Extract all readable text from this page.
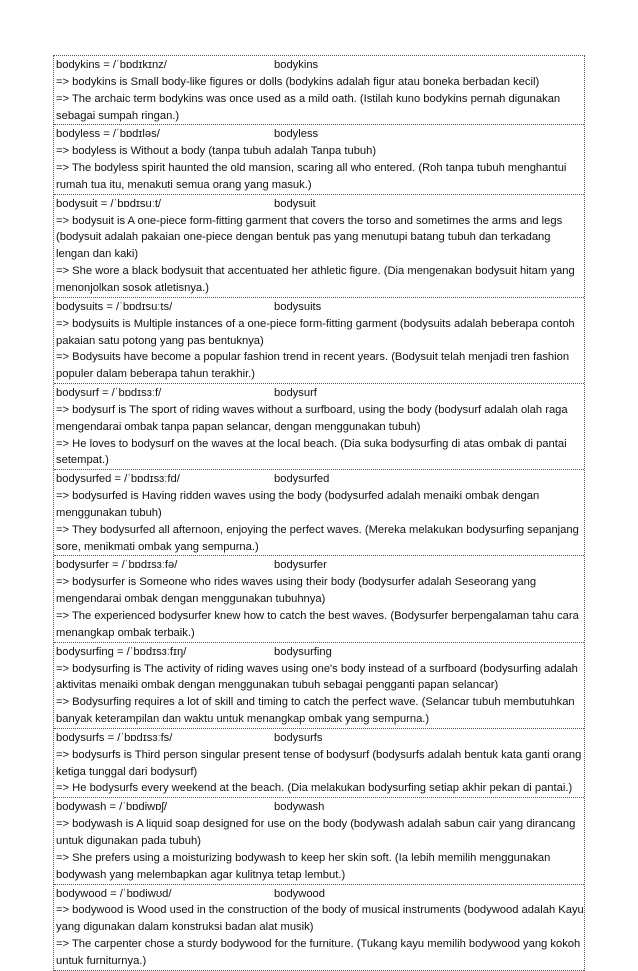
bodykins = /ˈbɒdɪkɪnz/	bodykins
=> bodykins is Small body-like figures or dolls (bodykins adalah figur atau boneka berbadan kecil)
=> The archaic term bodykins was once used as a mild oath. (Istilah kuno bodykins pernah digunakan sebagai sumpah ringan.)
bodyless = /ˈbɒdɪləs/	bodyless
=> bodyless is Without a body (tanpa tubuh adalah Tanpa tubuh)
=> The bodyless spirit haunted the old mansion, scaring all who entered. (Roh tanpa tubuh menghantui rumah tua itu, menakuti semua orang yang masuk.)
bodysuit = /ˈbɒdɪsuːt/	bodysuit
=> bodysuit is A one-piece form-fitting garment that covers the torso and sometimes the arms and legs (bodysuit adalah pakaian one-piece dengan bentuk pas yang menutupi batang tubuh dan terkadang lengan dan kaki)
=> She wore a black bodysuit that accentuated her athletic figure. (Dia mengenakan bodysuit hitam yang menonjolkan sosok atletisnya.)
bodysuits = /ˈbɒdɪsuːts/	bodysuits
=> bodysuits is Multiple instances of a one-piece form-fitting garment (bodysuits adalah beberapa contoh pakaian satu potong yang pas bentuknya)
=> Bodysuits have become a popular fashion trend in recent years. (Bodysuit telah menjadi tren fashion populer dalam beberapa tahun terakhir.)
bodysurf = /ˈbɒdɪsɜːf/	bodysurf
=> bodysurf is The sport of riding waves without a surfboard, using the body (bodysurf adalah olah raga mengendarai ombak tanpa papan selancar, dengan menggunakan tubuh)
=> He loves to bodysurf on the waves at the local beach. (Dia suka bodysurfing di atas ombak di pantai setempat.)
bodysurfed = /ˈbɒdɪsɜːfd/	bodysurfed
=> bodysurfed is Having ridden waves using the body (bodysurfed adalah menaiki ombak dengan menggunakan tubuh)
=> They bodysurfed all afternoon, enjoying the perfect waves. (Mereka melakukan bodysurfing sepanjang sore, menikmati ombak yang sempurna.)
bodysurfer = /ˈbɒdɪsɜːfə/	bodysurfer
=> bodysurfer is Someone who rides waves using their body (bodysurfer adalah Seseorang yang mengendarai ombak dengan menggunakan tubuhnya)
=> The experienced bodysurfer knew how to catch the best waves. (Bodysurfer berpengalaman tahu cara menangkap ombak terbaik.)
bodysurfing = /ˈbɒdɪsɜːfɪŋ/	bodysurfing
=> bodysurfing is The activity of riding waves using one's body instead of a surfboard (bodysurfing adalah aktivitas menaiki ombak dengan menggunakan tubuh sebagai pengganti papan selancar)
=> Bodysurfing requires a lot of skill and timing to catch the perfect wave. (Selancar tubuh membutuhkan banyak keterampilan dan waktu untuk menangkap ombak yang sempurna.)
bodysurfs = /ˈbɒdɪsɜːfs/	bodysurfs
=> bodysurfs is Third person singular present tense of bodysurf (bodysurfs adalah bentuk kata ganti orang ketiga tunggal dari bodysurf)
=> He bodysurfs every weekend at the beach. (Dia melakukan bodysurfing setiap akhir pekan di pantai.)
bodywash = /ˈbɒdiwɒʃ/	bodywash
=> bodywash is A liquid soap designed for use on the body (bodywash adalah sabun cair yang dirancang untuk digunakan pada tubuh)
=> She prefers using a moisturizing bodywash to keep her skin soft. (Ia lebih memilih menggunakan bodywash yang melembapkan agar kulitnya tetap lembut.)
bodywood = /ˈbɒdiwʊd/	bodywood
=> bodywood is Wood used in the construction of the body of musical instruments (bodywood adalah Kayu yang digunakan dalam konstruksi badan alat musik)
=> The carpenter chose a sturdy bodywood for the furniture. (Tukang kayu memilih bodywood yang kokoh untuk furniturnya.)
